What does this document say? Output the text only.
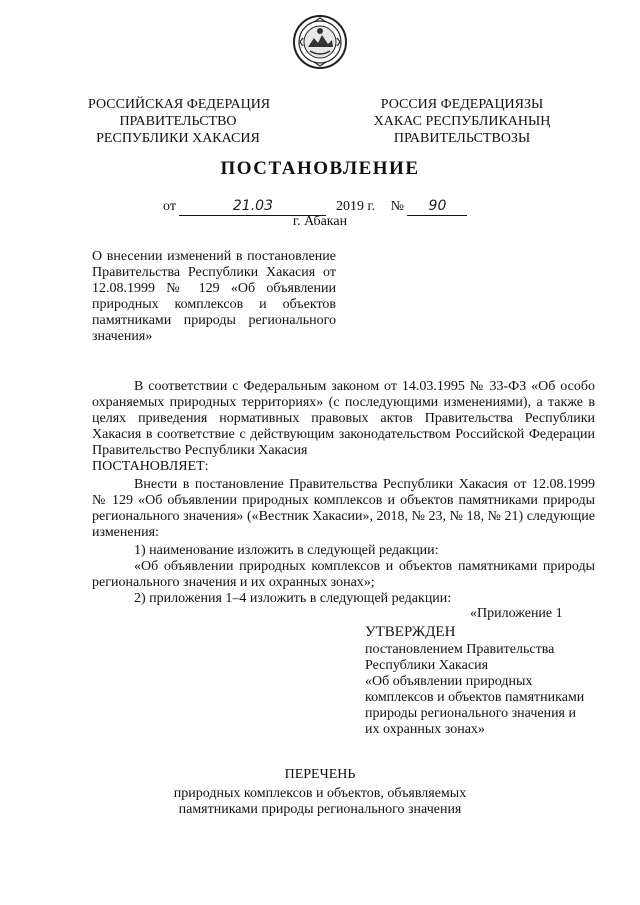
РОССИЙСКАЯ ФЕДЕРАЦИЯ
ПРАВИТЕЛЬСТВО
РЕСПУБЛИКИ ХАКАСИЯ
РОССИЯ ФЕДЕРАЦИЯЗЫ
ХАКАС РЕСПУБЛИКАНЫҢ
ПРАВИТЕЛЬСТВОЗЫ
ПОСТАНОВЛЕНИЕ
от	21.03	2019 г. № 90
г. Абакан
О внесении изменений в постановление Правительства Республики Хакасия от 12.08.1999 № 129 «Об объявлении природных комплексов и объектов памятниками природы регионального значения»

В соответствии с Федеральным законом от 14.03.1995 № 33-ФЗ «Об особо охраняемых природных территориях» (с последующими изменениями), а также в целях приведения нормативных правовых актов Правительства Республики Хакасия в соответствие с действующим законодательством Российской Федерации Правительство Республики Хакасия

ПОСТАНОВЛЯЕТ:

Внести в постановление Правительства Республики Хакасия от 12.08.1999 № 129 «Об объявлении природных комплексов и объектов памятниками природы регионального значения» («Вестник Хакасии», 2018, № 23, № 18, № 21) следующие изменения:

1) наименование изложить в следующей редакции:

«Об объявлении природных комплексов и объектов памятниками природы регионального значения и их охранных зонах»;

2) приложения 1–4 изложить в следующей редакции:
«Приложение 1
УТВЕРЖДЕН
постановлением Правительства
Республики Хакасия
«Об объявлении природных
комплексов и объектов памятниками
природы регионального значения и
их охранных зонах»
ПЕРЕЧЕНЬ
природных комплексов и объектов, объявляемых
памятниками природы регионального значения
